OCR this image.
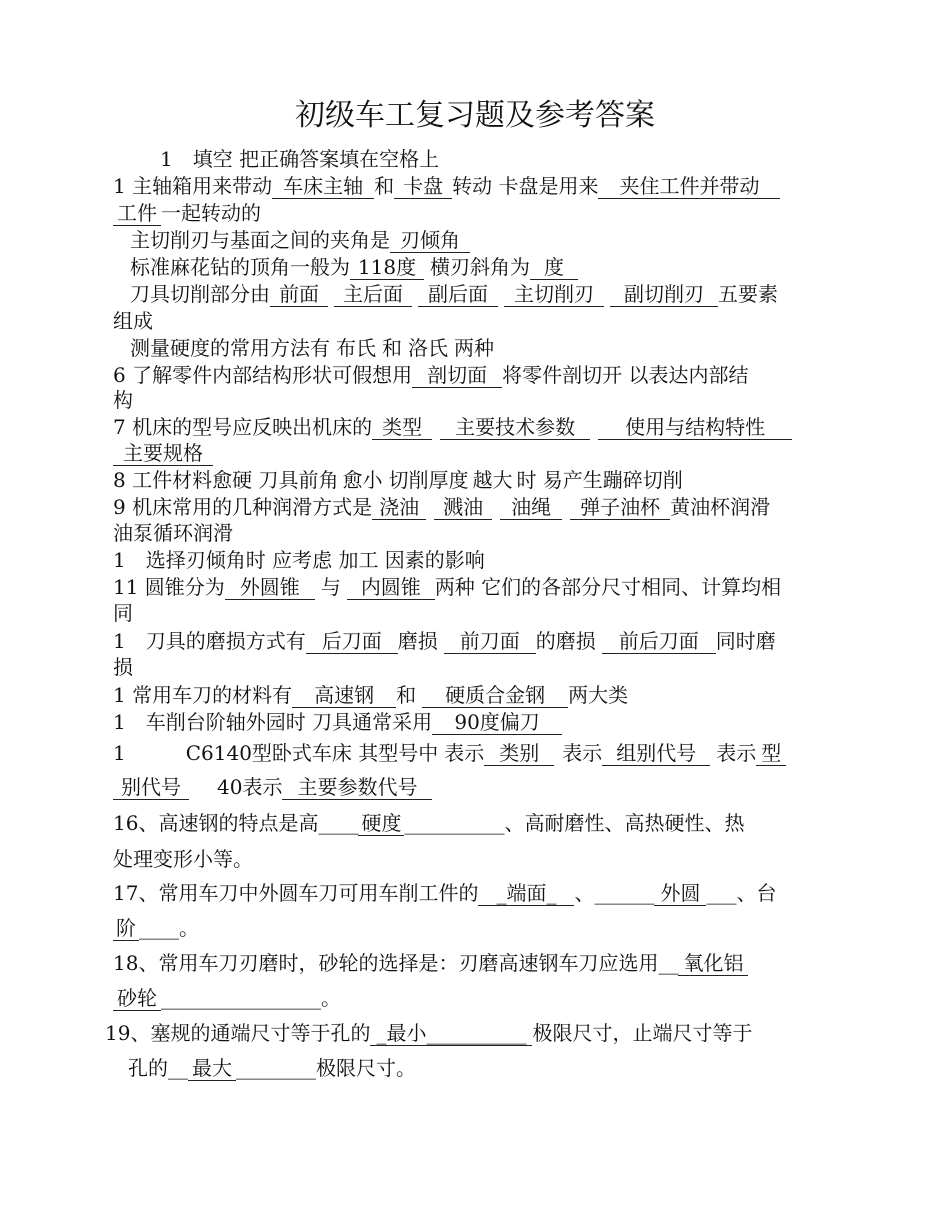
初级车工复习题及参考答案
1　填空 把正确答案填在空格上
1 主轴箱用来带动 车床主轴 和 卡盘 转动 卡盘是用来 夹住工件并带动
工件 一起转动的
主切削刃与基面之间的夹角是 刃倾角
标准麻花钻的顶角一般为 118度 横刃斜角为 度
刀具切削部分由 前面 主后面 副后面 主切削刃 副切削刃 五要素
组成
测量硬度的常用方法有 布氏 和 洛氏 两种
6 了解零件内部结构形状可假想用 剖切面 将零件剖切开 以表达内部结
构
7 机床的型号应反映出机床的 类型 主要技术参数	使用与结构特性
主要规格
8 工件材料愈硬 刀具前角 愈小 切削厚度 越大 时 易产生蹦碎切削
9 机床常用的几种润滑方式是 浇油 溅油 油绳 弹子油杯 黄油杯润滑
油泵循环润滑
1　选择刃倾角时 应考虑 加工 因素的影响
11 圆锥分为 外圆锥 与 内圆锥 两种 它们的各部分尺寸相同、计算均相
同
1　刀具的磨损方式有 后刀面 磨损 前刀面 的磨损 前后刀面 同时磨
损
1 常用车刀的材料有 高速钢 和 硬质合金钢 两大类
1　车削台阶轴外园时 刀具通常采用 90度偏刀
1	C6140型卧式车床 其型号中 表示 类别 表示 组别代号 表示 型
别代号 40表示 主要参数代号
16、高速钢的特点是高____ 硬度 __________、高耐磨性、高热硬性、热
处理变形小等。
17、常用车刀中外圆车刀可用车削工件的 _端面_ 、______ 外圆 ___、台
阶 ____。
18、常用车刀刃磨时，砂轮的选择是：刃磨高速钢车刀应选用__ 氧化铝
砂轮 ________________。
19、塞规的通端尺寸等于孔的 _最小__________ 极限尺寸，止端尺寸等于
孔的__ 最大 ________极限尺寸。
